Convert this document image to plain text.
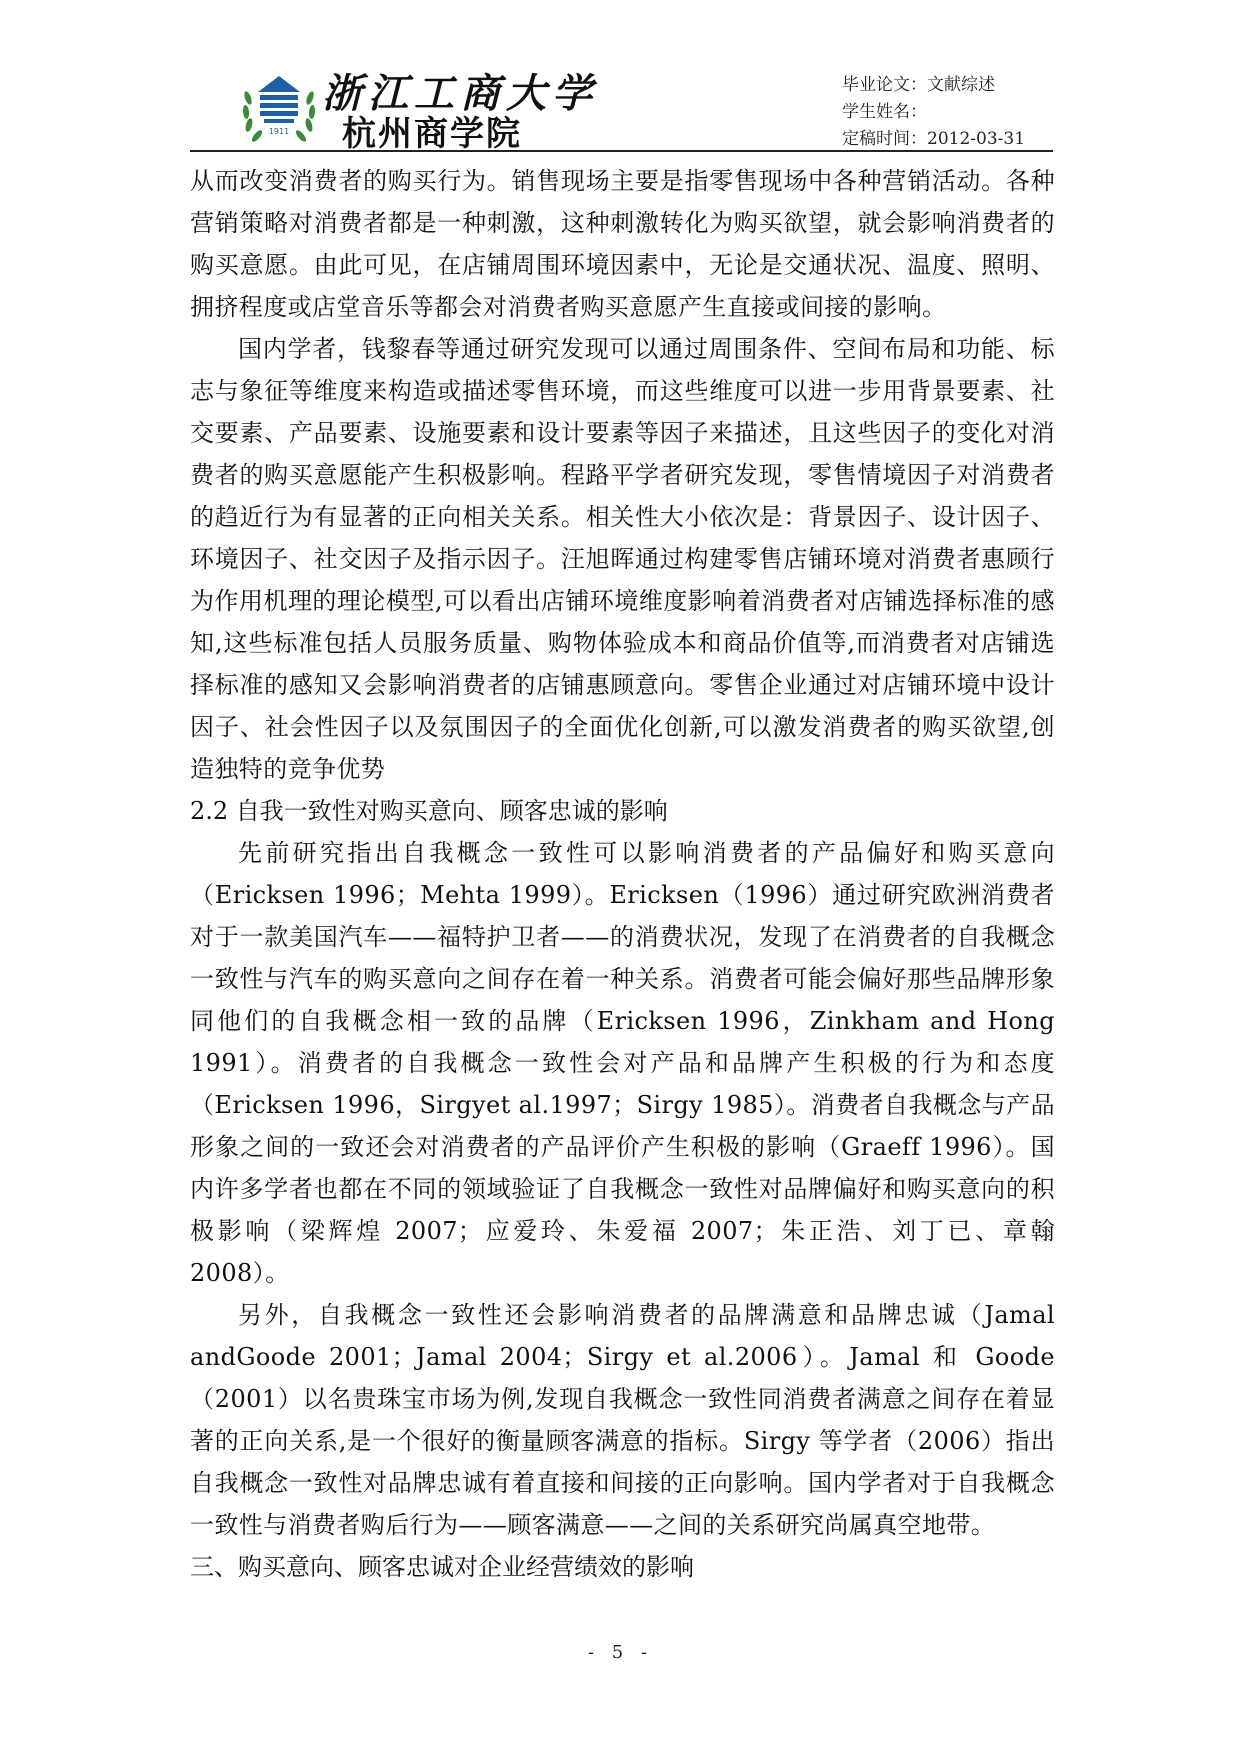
1911
浙江工商大学
杭州商学院
毕业论文：文献综述
学生姓名：
定稿时间：2012-03-31

从而改变消费者的购买行为。销售现场主要是指零售现场中各种营销活动。各种营销策略对消费者都是一种刺激，这种刺激转化为购买欲望，就会影响消费者的购买意愿。由此可见，在店铺周围环境因素中，无论是交通状况、温度、照明、拥挤程度或店堂音乐等都会对消费者购买意愿产生直接或间接的影响。

国内学者，钱黎春等通过研究发现可以通过周围条件、空间布局和功能、标志与象征等维度来构造或描述零售环境，而这些维度可以进一步用背景要素、社交要素、产品要素、设施要素和设计要素等因子来描述，且这些因子的变化对消费者的购买意愿能产生积极影响。程路平学者研究发现，零售情境因子对消费者的趋近行为有显著的正向相关关系。相关性大小依次是：背景因子、设计因子、环境因子、社交因子及指示因子。汪旭晖通过构建零售店铺环境对消费者惠顾行为作用机理的理论模型,可以看出店铺环境维度影响着消费者对店铺选择标准的感知,这些标准包括人员服务质量、购物体验成本和商品价值等,而消费者对店铺选择标准的感知又会影响消费者的店铺惠顾意向。零售企业通过对店铺环境中设计因子、社会性因子以及氛围因子的全面优化创新,可以激发消费者的购买欲望,创造独特的竞争优势

2.2 自我一致性对购买意向、顾客忠诚的影响

先前研究指出自我概念一致性可以影响消费者的产品偏好和购买意向（Ericksen 1996；Mehta 1999）。Ericksen（1996）通过研究欧洲消费者对于一款美国汽车——福特护卫者——的消费状况，发现了在消费者的自我概念一致性与汽车的购买意向之间存在着一种关系。消费者可能会偏好那些品牌形象同他们的自我概念相一致的品牌（Ericksen 1996，Zinkham and Hong 1991）。消费者的自我概念一致性会对产品和品牌产生积极的行为和态度（Ericksen 1996，Sirgyet al.1997；Sirgy 1985）。消费者自我概念与产品形象之间的一致还会对消费者的产品评价产生积极的影响（Graeff 1996）。国内许多学者也都在不同的领域验证了自我概念一致性对品牌偏好和购买意向的积极影响（梁辉煌 2007；应爱玲、朱爱福 2007；朱正浩、刘丁已、章翰 2008）。

另外，自我概念一致性还会影响消费者的品牌满意和品牌忠诚（Jamal andGoode 2001；Jamal 2004；Sirgy et al.2006）。Jamal 和 Goode（2001）以名贵珠宝市场为例,发现自我概念一致性同消费者满意之间存在着显著的正向关系,是一个很好的衡量顾客满意的指标。Sirgy 等学者（2006）指出自我概念一致性对品牌忠诚有着直接和间接的正向影响。国内学者对于自我概念一致性与消费者购后行为——顾客满意——之间的关系研究尚属真空地带。

三、购买意向、顾客忠诚对企业经营绩效的影响

- 5 -
